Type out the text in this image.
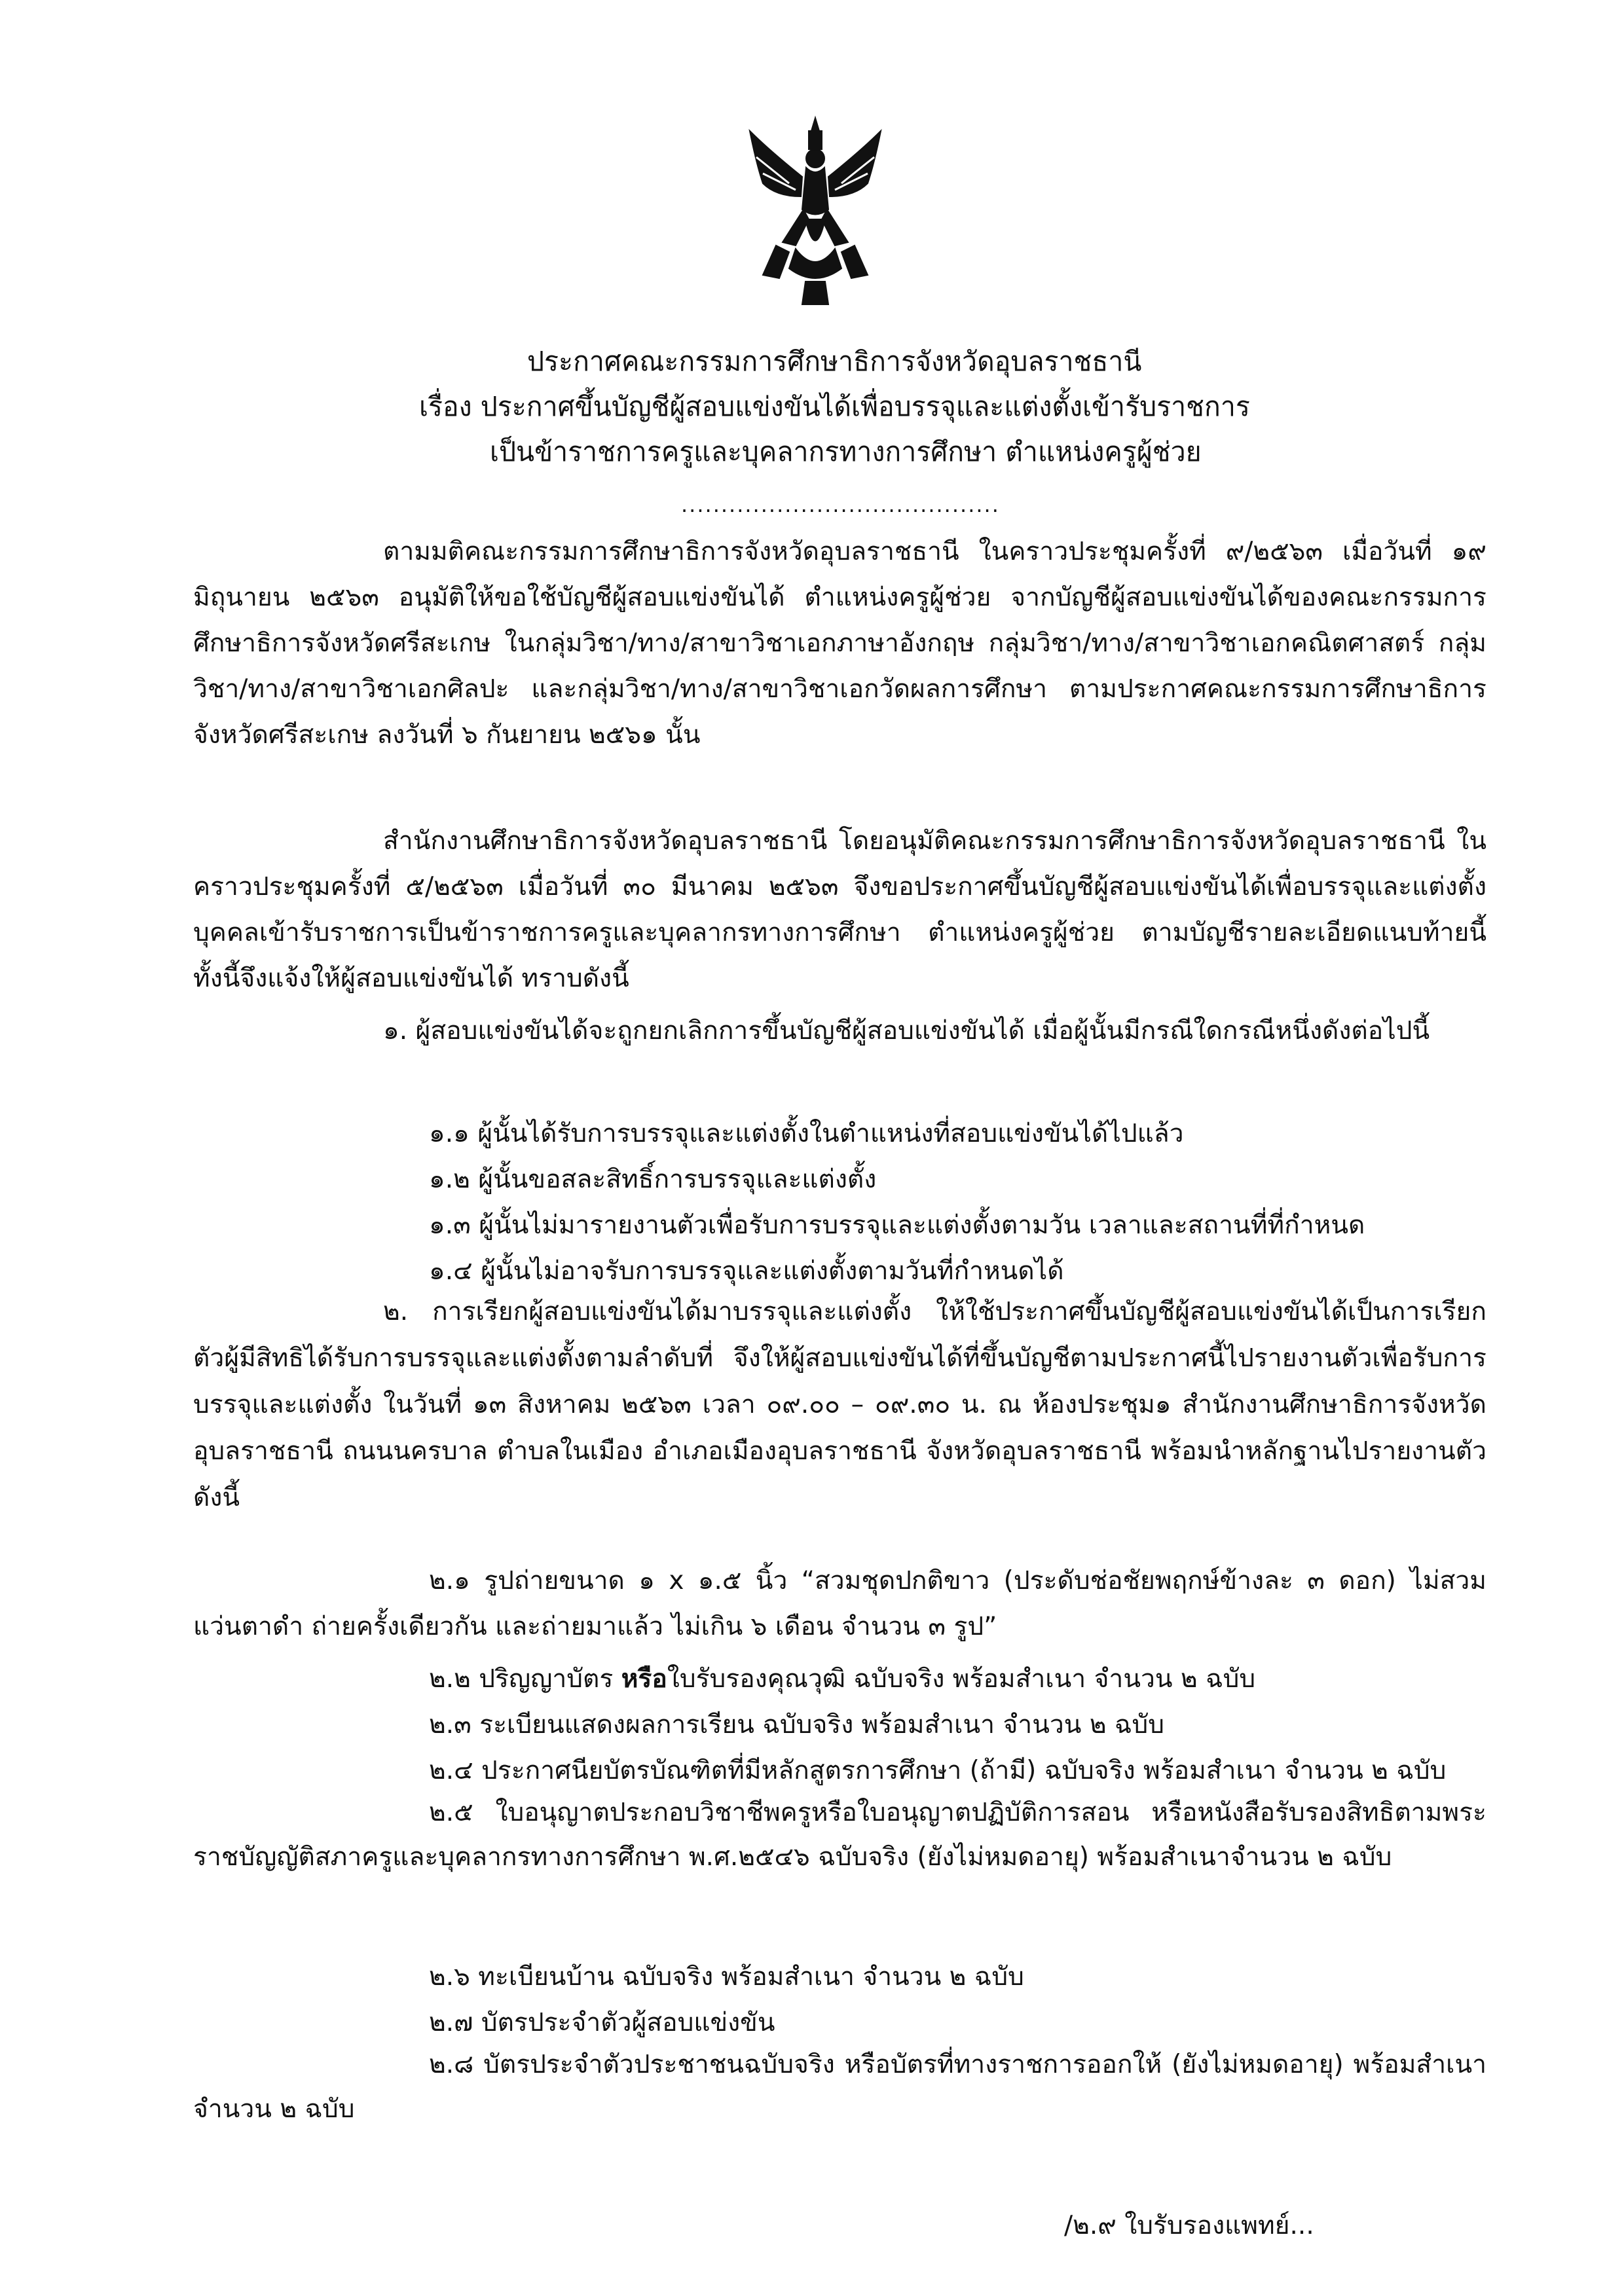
ประกาศคณะกรรมการศึกษาธิการจังหวัดอุบลราชธานี
เรื่อง ประกาศขึ้นบัญชีผู้สอบแข่งขันได้เพื่อบรรจุและแต่งตั้งเข้ารับราชการ
เป็นข้าราชการครูและบุคลากรทางการศึกษา ตำแหน่งครูผู้ช่วย
........................................
ตามมติคณะกรรมการศึกษาธิการจังหวัดอุบลราชธานี ในคราวประชุมครั้งที่ ๙/๒๕๖๓ เมื่อวันที่ ๑๙ มิถุนายน ๒๕๖๓ อนุมัติให้ขอใช้บัญชีผู้สอบแข่งขันได้ ตำแหน่งครูผู้ช่วย จากบัญชีผู้สอบแข่งขันได้ของคณะกรรมการศึกษาธิการจังหวัดศรีสะเกษ ในกลุ่มวิชา/ทาง/สาขาวิชาเอกภาษาอังกฤษ กลุ่มวิชา/ทาง/สาขาวิชาเอกคณิตศาสตร์ กลุ่มวิชา/ทาง/สาขาวิชาเอกศิลปะ และกลุ่มวิชา/ทาง/สาขาวิชาเอกวัดผลการศึกษา ตามประกาศคณะกรรมการศึกษาธิการจังหวัดศรีสะเกษ ลงวันที่ ๖ กันยายน ๒๕๖๑ นั้น
สำนักงานศึกษาธิการจังหวัดอุบลราชธานี โดยอนุมัติคณะกรรมการศึกษาธิการจังหวัดอุบลราชธานี ในคราวประชุมครั้งที่ ๕/๒๕๖๓ เมื่อวันที่ ๓๐ มีนาคม ๒๕๖๓ จึงขอประกาศขึ้นบัญชีผู้สอบแข่งขันได้เพื่อบรรจุและแต่งตั้งบุคคลเข้ารับราชการเป็นข้าราชการครูและบุคลากรทางการศึกษา ตำแหน่งครูผู้ช่วย ตามบัญชีรายละเอียดแนบท้ายนี้ ทั้งนี้จึงแจ้งให้ผู้สอบแข่งขันได้ ทราบดังนี้
๑. ผู้สอบแข่งขันได้จะถูกยกเลิกการขึ้นบัญชีผู้สอบแข่งขันได้ เมื่อผู้นั้นมีกรณีใดกรณีหนึ่งดังต่อไปนี้
๑.๑ ผู้นั้นได้รับการบรรจุและแต่งตั้งในตำแหน่งที่สอบแข่งขันได้ไปแล้ว
๑.๒ ผู้นั้นขอสละสิทธิ์การบรรจุและแต่งตั้ง
๑.๓ ผู้นั้นไม่มารายงานตัวเพื่อรับการบรรจุและแต่งตั้งตามวัน เวลาและสถานที่ที่กำหนด
๑.๔ ผู้นั้นไม่อาจรับการบรรจุและแต่งตั้งตามวันที่กำหนดได้
๒. การเรียกผู้สอบแข่งขันได้มาบรรจุและแต่งตั้ง ให้ใช้ประกาศขึ้นบัญชีผู้สอบแข่งขันได้เป็นการเรียกตัวผู้มีสิทธิได้รับการบรรจุและแต่งตั้งตามลำดับที่ จึงให้ผู้สอบแข่งขันได้ที่ขึ้นบัญชีตามประกาศนี้ไปรายงานตัวเพื่อรับการบรรจุและแต่งตั้ง ในวันที่ ๑๓ สิงหาคม ๒๕๖๓ เวลา ๐๙.๐๐ – ๐๙.๓๐ น. ณ ห้องประชุม๑ สำนักงานศึกษาธิการจังหวัดอุบลราชธานี ถนนนครบาล ตำบลในเมือง อำเภอเมืองอุบลราชธานี จังหวัดอุบลราชธานี พร้อมนำหลักฐานไปรายงานตัว ดังนี้
๒.๑ รูปถ่ายขนาด ๑ x ๑.๕ นิ้ว “สวมชุดปกติขาว (ประดับช่อชัยพฤกษ์ข้างละ ๓ ดอก) ไม่สวมแว่นตาดำ ถ่ายครั้งเดียวกัน และถ่ายมาแล้ว ไม่เกิน ๖ เดือน จำนวน ๓ รูป”
๒.๒ ปริญญาบัตร หรือใบรับรองคุณวุฒิ ฉบับจริง พร้อมสำเนา จำนวน ๒ ฉบับ
๒.๓ ระเบียนแสดงผลการเรียน ฉบับจริง พร้อมสำเนา จำนวน ๒ ฉบับ
๒.๔ ประกาศนียบัตรบัณฑิตที่มีหลักสูตรการศึกษา (ถ้ามี) ฉบับจริง พร้อมสำเนา จำนวน ๒ ฉบับ
๒.๕ ใบอนุญาตประกอบวิชาชีพครูหรือใบอนุญาตปฏิบัติการสอน หรือหนังสือรับรองสิทธิตามพระราชบัญญัติสภาครูและบุคลากรทางการศึกษา พ.ศ.๒๕๔๖ ฉบับจริง (ยังไม่หมดอายุ) พร้อมสำเนาจำนวน ๒ ฉบับ
๒.๖ ทะเบียนบ้าน ฉบับจริง พร้อมสำเนา จำนวน ๒ ฉบับ
๒.๗ บัตรประจำตัวผู้สอบแข่งขัน
๒.๘ บัตรประจำตัวประชาชนฉบับจริง หรือบัตรที่ทางราชการออกให้ (ยังไม่หมดอายุ) พร้อมสำเนา จำนวน ๒ ฉบับ
/๒.๙ ใบรับรองแพทย์...
